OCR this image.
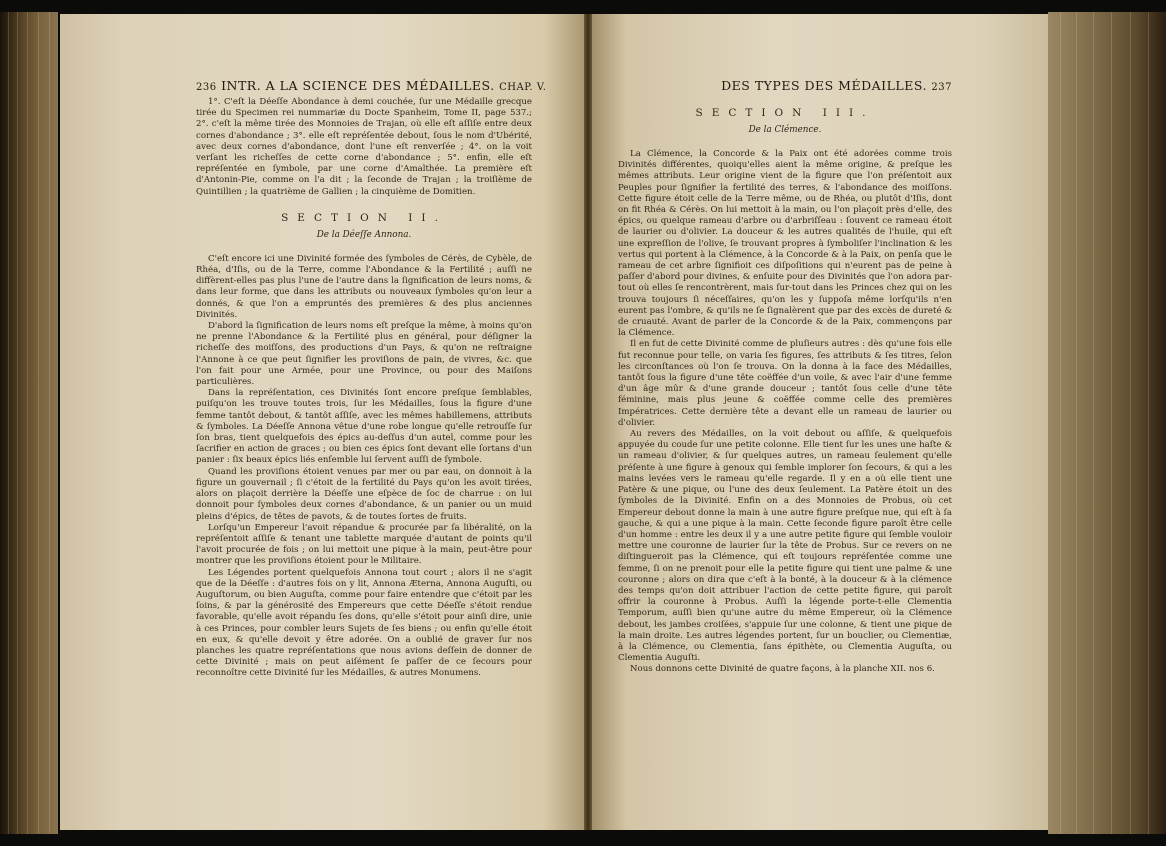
236 INTR. A LA SCIENCE DES MÉDAILLES. CHAP. V.

1°. C'eſt la Déeſſe Abondance à demi couchée, ſur une Médaille grecque tirée du Specimen rei nummariæ du Docte Spanheim, Tome II, page 537.; 2°. c'eſt la même tirée des Monnoies de Trajan, où elle eſt aſſiſe entre deux cornes d'abondance ; 3°. elle eſt repréſentée debout, ſous le nom d'Ubérité, avec deux cornes d'abondance, dont l'une eſt renverſée ; 4°. on la voit verſant les richeſſes de cette corne d'abondance ; 5°. enfin, elle eſt repréſentée en ſymbole, par une corne d'Amalthée. La première eſt d'Antonin-Pie, comme on l'a dit ; la ſeconde de Trajan ; la troiſième de Quintillien ; la quatrième de Gallien ; la cinquième de Domitien.

SECTION II.
De la Déeſſe Annona.

C'eſt encore ici une Divinité formée des ſymboles de Cérès, de Cybèle, de Rhéa, d'Iſis, ou de la Terre, comme l'Abondance & la Fertilité ; auſſi ne diffèrent-elles pas plus l'une de l'autre dans la ſignification de leurs noms, & dans leur forme, que dans les attributs ou nouveaux ſymboles qu'on leur a donnés, & que l'on a empruntés des premières & des plus anciennes Divinités.

D'abord la ſignification de leurs noms eſt preſque la même, à moins qu'on ne prenne l'Abondance & la Fertilité plus en général, pour déſigner la richeſſe des moiſſons, des productions d'un Pays, & qu'on ne reſtraigne l'Annone à ce que peut ſignifier les proviſions de pain, de vivres, &c. que l'on fait pour une Armée, pour une Province, ou pour des Maiſons particulières.

Dans la repréſentation, ces Divinités ſont encore preſque ſemblables, puiſqu'on les trouve toutes trois, ſur les Médailles, ſous la figure d'une femme tantôt debout, & tantôt aſſiſe, avec les mêmes habillemens, attributs & ſymboles. La Déeſſe Annona vêtue d'une robe longue qu'elle retrouſſe ſur ſon bras, tient quelquefois des épics au-deſſus d'un autel, comme pour les ſacrifier en action de graces ; ou bien ces épics ſont devant elle ſortans d'un panier : ſix beaux épics liés enſemble lui ſervent auſſi de ſymbole.

Quand les proviſions étoient venues par mer ou par eau, on donnoit à la figure un gouvernail ; ſi c'étoit de la fertilité du Pays qu'on les avoit tirées, alors on plaçoit derrière la Déeſſe une eſpèce de ſoc de charrue : on lui donnoit pour ſymboles deux cornes d'abondance, & un panier ou un muid pleins d'épics, de têtes de pavots, & de toutes ſortes de fruits.

Lorſqu'un Empereur l'avoit répandue & procurée par ſa libéralité, on la repréſentoit aſſiſe & tenant une tablette marquée d'autant de points qu'il l'avoit procurée de fois ; on lui mettoit une pique à la main, peut-être pour montrer que les proviſions étoient pour le Militaire.

Les Légendes portent quelquefois Annona tout court ; alors il ne s'agit que de la Déeſſe : d'autres fois on y lit, Annona Æterna, Annona Auguſti, ou Auguſtorum, ou bien Auguſta, comme pour faire entendre que c'étoit par les ſoins, & par la générosité des Empereurs que cette Déeſſe s'étoit rendue favorable, qu'elle avoit répandu ſes dons, qu'elle s'étoit pour ainſi dire, unie à ces Princes, pour combler leurs Sujets de ſes biens ; ou enfin qu'elle étoit en eux, & qu'elle devoit y être adorée. On a oublié de graver ſur nos planches les quatre repréſentations que nous avions deſſein de donner de cette Divinité ; mais on peut aiſément ſe paſſer de ce ſecours pour reconnoître cette Divinité ſur les Médailles, & autres Monumens.

DES TYPES DES MÉDAILLES. 237
SECTION III.
De la Clémence.

La Clémence, la Concorde & la Paix ont été adorées comme trois Divinités différentes, quoiqu'elles aient la même origine, & preſque les mêmes attributs. Leur origine vient de la figure que l'on préſentoit aux Peuples pour ſignifier la fertilité des terres, & l'abondance des moiſſons. Cette figure étoit celle de la Terre même, ou de Rhéa, ou plutôt d'Iſis, dont on fit Rhéa & Cérès. On lui mettoit à la main, ou l'on plaçoit près d'elle, des épics, ou quelque rameau d'arbre ou d'arbriſſeau : ſouvent ce rameau étoit de laurier ou d'olivier. La douceur & les autres qualités de l'huile, qui eſt une expreſſion de l'olive, ſe trouvant propres à ſymboliſer l'inclination & les vertus qui portent à la Clémence, à la Concorde & à la Paix, on penſa que le rameau de cet arbre ſignifioit ces diſpoſitions qui n'eurent pas de peine à paſſer d'abord pour divines, & enſuite pour des Divinités que l'on adora par-tout où elles ſe rencontrèrent, mais ſur-tout dans les Princes chez qui on les trouva toujours ſi néceſſaires, qu'on les y ſuppoſa même lorſqu'ils n'en eurent pas l'ombre, & qu'ils ne ſe ſignalèrent que par des excès de dureté & de cruauté. Avant de parler de la Concorde & de la Paix, commençons par la Clémence.

Il en fut de cette Divinité comme de pluſieurs autres : dès qu'une fois elle fut reconnue pour telle, on varia ſes figures, ſes attributs & ſes titres, ſelon les circonſtances où l'on ſe trouva. On la donna à la face des Médailles, tantôt ſous la figure d'une tête coëffée d'un voile, & avec l'air d'une femme d'un âge mûr & d'une grande douceur ; tantôt ſous celle d'une tête féminine, mais plus jeune & coëffée comme celle des premières Impératrices. Cette dernière tête a devant elle un rameau de laurier ou d'olivier.

Au revers des Médailles, on la voit debout ou aſſiſe, & quelquefois appuyée du coude ſur une petite colonne. Elle tient ſur les unes une haſte & un rameau d'olivier, & ſur quelques autres, un rameau ſeulement qu'elle préſente à une figure à genoux qui ſemble implorer ſon ſecours, & qui a les mains levées vers le rameau qu'elle regarde. Il y en a où elle tient une Patère & une pique, ou l'une des deux ſeulement. La Patère étoit un des ſymboles de la Divinité. Enfin on a des Monnoies de Probus, où cet Empereur debout donne la main à une autre figure preſque nue, qui eſt à ſa gauche, & qui a une pique à la main. Cette ſeconde figure paroît être celle d'un homme : entre les deux il y a une autre petite figure qui ſemble vouloir mettre une couronne de laurier ſur la tête de Probus. Sur ce revers on ne diſtingueroit pas la Clémence, qui eſt toujours repréſentée comme une femme, ſi on ne prenoit pour elle la petite figure qui tient une palme & une couronne ; alors on dira que c'eſt à la bonté, à la douceur & à la clémence des temps qu'on doit attribuer l'action de cette petite figure, qui paroît offrir la couronne à Probus. Auſſi la légende porte-t-elle Clementia Temporum, auſſi bien qu'une autre du même Empereur, où la Clémence debout, les jambes croiſées, s'appuie ſur une colonne, & tient une pique de la main droite. Les autres légendes portent, ſur un bouclier, ou Clementiæ, à la Clémence, ou Clementia, ſans épithète, ou Clementia Auguſta, ou Clementia Auguſti.

Nous donnons cette Divinité de quatre façons, à la planche XII. nos 6.
